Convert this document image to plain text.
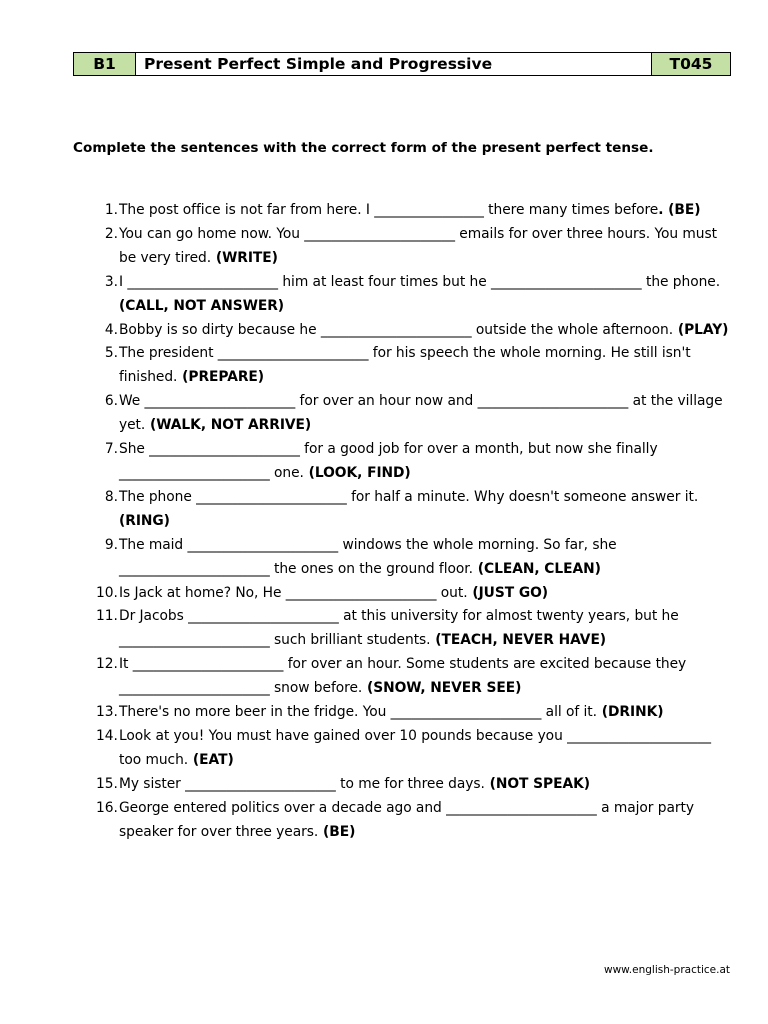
B1	Present Perfect Simple and Progressive	T045

Complete the sentences with the correct form of the present perfect tense.

1. The post office is not far from here. I ________________ there many times before. (BE)
2. You can go home now. You ______________________ emails for over three hours. You must be very tired. (WRITE)
3. I ______________________ him at least four times but he ______________________ the phone. (CALL, NOT ANSWER)
4. Bobby is so dirty because he ______________________ outside the whole afternoon. (PLAY)
5. The president ______________________ for his speech the whole morning. He still isn't finished. (PREPARE)
6. We ______________________ for over an hour now and ______________________ at the village yet. (WALK, NOT ARRIVE)
7. She ______________________ for a good job for over a month, but now she finally ______________________ one. (LOOK, FIND)
8. The phone ______________________ for half a minute. Why doesn't someone answer it. (RING)
9. The maid ______________________ windows the whole morning. So far, she ______________________ the ones on the ground floor. (CLEAN, CLEAN)
10. Is Jack at home? No, He ______________________ out. (JUST GO)
11. Dr Jacobs ______________________ at this university for almost twenty years, but he ______________________ such brilliant students. (TEACH, NEVER HAVE)
12. It ______________________ for over an hour. Some students are excited because they ______________________ snow before. (SNOW, NEVER SEE)
13. There's no more beer in the fridge. You ______________________ all of it. (DRINK)
14. Look at you! You must have gained over 10 pounds because you _____________________ too much. (EAT)
15. My sister ______________________ to me for three days. (NOT SPEAK)
16. George entered politics over a decade ago and ______________________ a major party speaker for over three years. (BE)
www.english-practice.at
